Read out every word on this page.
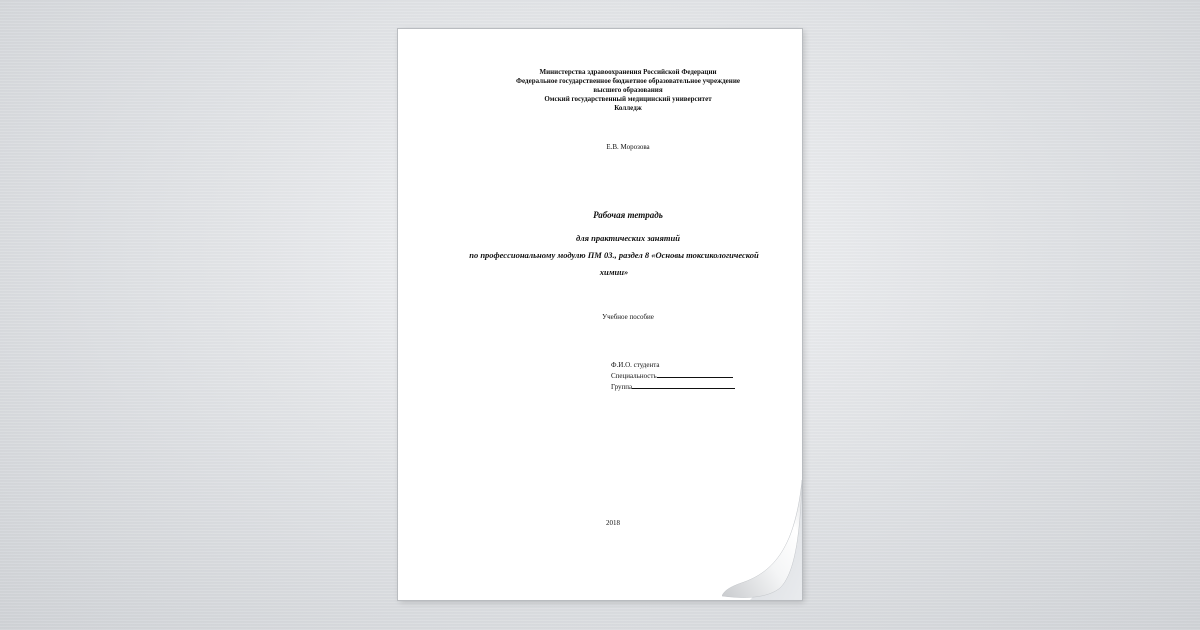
Министерства здравоохранения Российской Федерации
Федеральное государственное бюджетное образовательное учреждение
высшего образования
Омский государственный медицинский университет
Колледж
Е.В. Морозова
Рабочая тетрадь
для практических занятий
по профессиональному модулю ПМ 03., раздел 8 «Основы токсикологической
химии»
Учебное пособие
Ф.И.О. студента
Специальность
Группа
2018
